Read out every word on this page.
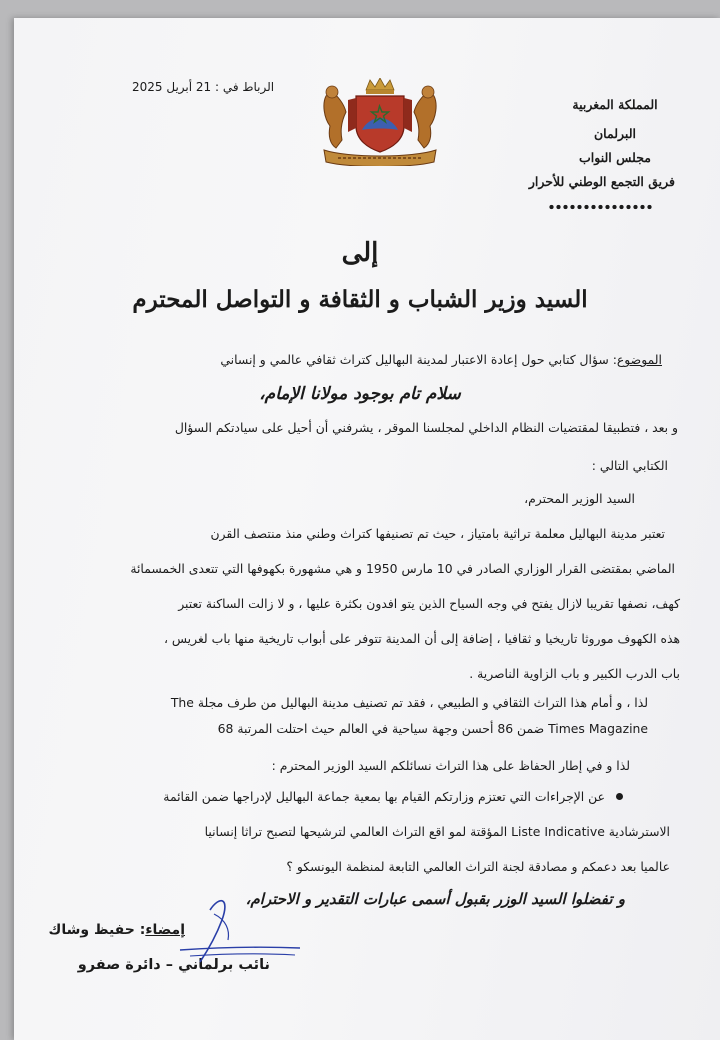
المملكة المغربية
البرلمان
مجلس النواب
فريق التجمع الوطني للأحرار
الرباط في : 21 أبريل 2025
إلى
السيد وزير الشباب و الثقافة و التواصل المحترم
الموضوع: سؤال كتابي حول إعادة الاعتبار لمدينة البهاليل كتراث ثقافي عالمي و إنساني
سلام تام بوجود مولانا الإمام،
و بعد ، فتطبيقا لمقتضيات النظام الداخلي لمجلسنا الموقر ، يشرفني أن أحيل على سيادتكم السؤال
الكتابي التالي :
السيد الوزير المحترم،
تعتبر مدينة البهاليل معلمة تراثية بامتياز ، حيث تم تصنيفها كتراث وطني منذ منتصف القرن
الماضي بمقتضى القرار الوزاري الصادر في 10 مارس 1950 و هي مشهورة بكهوفها التي تتعدى الخمسمائة
كهف، نصفها تقريبا لازال يفتح في وجه السياح الذين يتو افدون بكثرة عليها ، و لا زالت الساكنة تعتبر
هذه الكهوف موروثا تاريخيا و ثقافيا ، إضافة إلى أن المدينة تتوفر على أبواب تاريخية منها باب لغريس ،
باب الدرب الكبير و باب الزاوية الناصرية .
لذا ، و أمام هذا التراث الثقافي و الطبيعي ، فقد تم تصنيف مدينة البهاليل من طرف مجلة The
Times Magazine ضمن 86 أحسن وجهة سياحية في العالم حيث احتلت المرتبة 68
لذا و في إطار الحفاظ على هذا التراث نسائلكم السيد الوزير المحترم :
عن الإجراءات التي تعتزم وزارتكم القيام بها بمعية جماعة البهاليل لإدراجها ضمن القائمة
الاسترشادية Liste Indicative المؤقتة لمو اقع التراث العالمي لترشيحها لتصبح تراثا إنسانيا
عالميا بعد دعمكم و مصادقة لجنة التراث العالمي التابعة لمنظمة اليونسكو ؟
و تفضلوا السيد الوزر بقبول أسمى عبارات التقدير و الاحترام،
إمضاء: حفيظ وشاك
نائب برلماني – دائرة صفرو
